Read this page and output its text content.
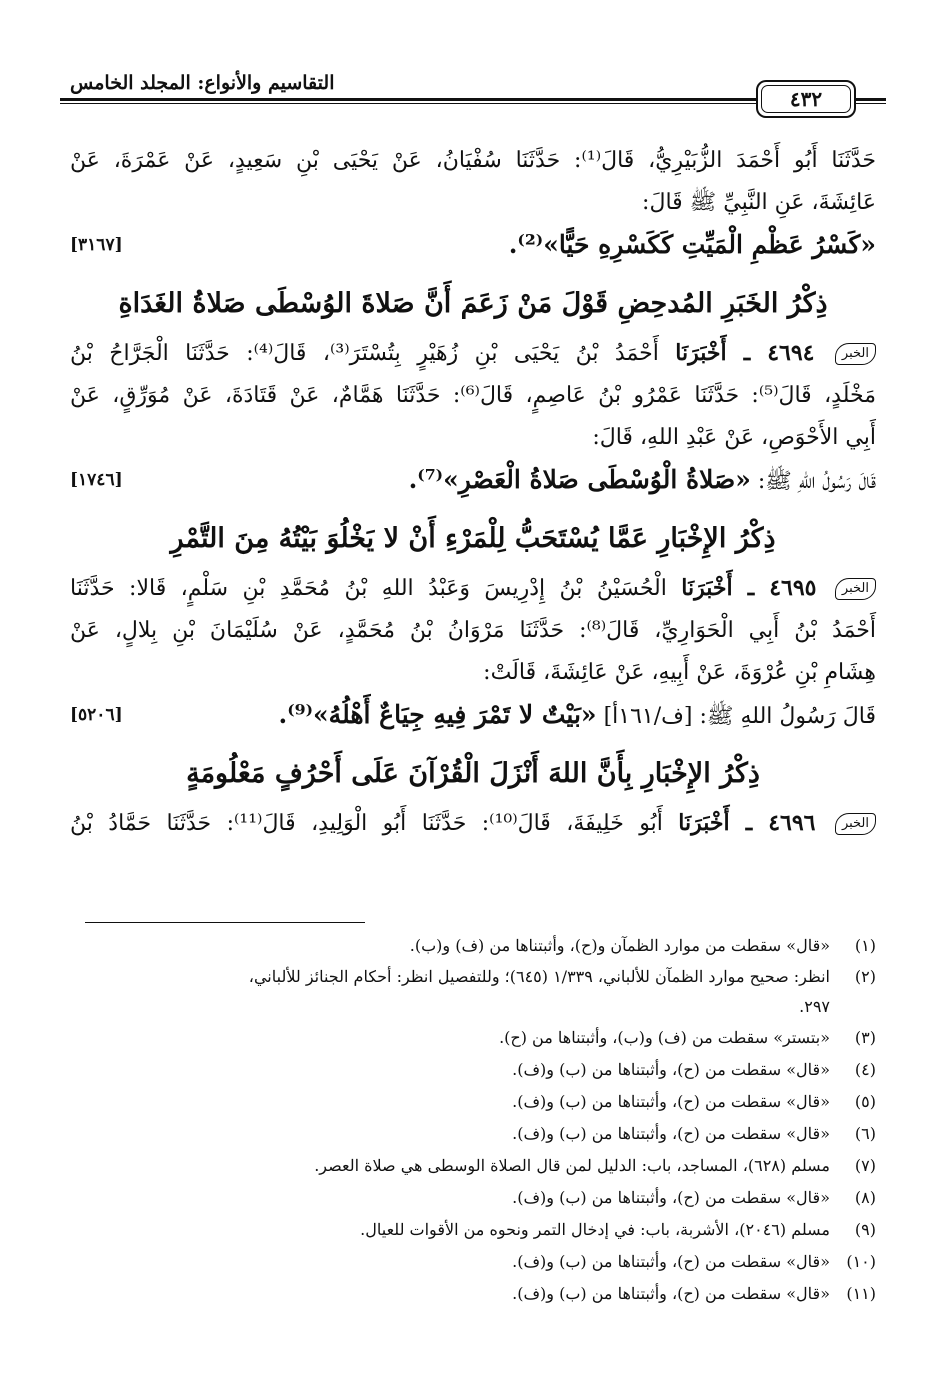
التقاسيم والأنواع: المجلد الخامس
٤٣٢
حَدَّثَنَا أَبُو أَحْمَدَ الزُّبَيْرِيُّ، قَالَ⁽¹⁾: حَدَّثَنَا سُفْيَانُ، عَنْ يَحْيَى بْنِ سَعِيدٍ، عَنْ عَمْرَةَ، عَنْ
عَائِشَةَ، عَنِ النَّبِيِّ ﷺ قَالَ:
«كَسْرُ عَظْمِ الْمَيِّتِ كَكَسْرِهِ حَيًّا»⁽²⁾.
[٣١٦٧]
ذِكْرُ الخَبَرِ المُدحِضِ قَوْلَ مَنْ زَعَمَ أَنَّ صَلاةَ الوُسْطَى صَلاةُ الغَدَاةِ
الخبر ٤٦٩٤ ـ أَخْبَرَنَا أَحْمَدُ بْنُ يَحْيَى بْنِ زُهَيْرٍ بِتُسْتَرَ⁽³⁾، قَالَ⁽⁴⁾: حَدَّثَنَا الْجَرَّاحُ بْنُ
مَخْلَدٍ، قَالَ⁽⁵⁾: حَدَّثَنَا عَمْرُو بْنُ عَاصِمٍ، قَالَ⁽⁶⁾: حَدَّثَنَا هَمَّامٌ، عَنْ قَتَادَةَ، عَنْ مُوَرِّقٍ، عَنْ
أَبِي الأَحْوَصِ، عَنْ عَبْدِ اللهِ، قَالَ:
قَالَ رَسُولُ اللهِ ﷺ: «صَلاةُ الْوُسْطَى صَلاةُ الْعَصْرِ»⁽⁷⁾.
[١٧٤٦]
ذِكْرُ الإِخْبَارِ عَمَّا يُسْتَحَبُّ لِلْمَرْءِ أَنْ لا يَخْلُوَ بَيْتُهُ مِنَ التَّمْرِ
الخبر ٤٦٩٥ ـ أَخْبَرَنَا الْحُسَيْنُ بْنُ إِدْرِيسَ وَعَبْدُ اللهِ بْنُ مُحَمَّدِ بْنِ سَلْمٍ، قَالا: حَدَّثَنَا
أَحْمَدُ بْنُ أَبِي الْحَوَارِيِّ، قَالَ⁽⁸⁾: حَدَّثَنَا مَرْوَانُ بْنُ مُحَمَّدٍ، عَنْ سُلَيْمَانَ بْنِ بِلالٍ، عَنْ
هِشَامِ بْنِ عُرْوَةَ، عَنْ أَبِيهِ، عَنْ عَائِشَةَ، قَالَتْ:
قَالَ رَسُولُ اللهِ ﷺ: [ف/١٦١أ] «بَيْتٌ لا تَمْرَ فِيهِ جِيَاعٌ أَهْلُهُ»⁽⁹⁾.
[٥٢٠٦]
ذِكْرُ الإِخْبَارِ بِأَنَّ اللهَ أَنْزَلَ الْقُرْآنَ عَلَى أَحْرُفٍ مَعْلُومَةٍ
الخبر ٤٦٩٦ ـ أَخْبَرَنَا أَبُو خَلِيفَةَ، قَالَ⁽¹⁰⁾: حَدَّثَنَا أَبُو الْوَلِيدِ، قَالَ⁽¹¹⁾: حَدَّثَنَا حَمَّادُ بْنُ
(١)
«قال» سقطت من موارد الظمآن و(ح)، وأثبتناها من (ف) و(ب).
(٢)
انظر: صحيح موارد الظمآن للألباني، ١/٣٣٩ (٦٤٥)؛ وللتفصيل انظر: أحكام الجنائز للألباني،
٢٩٧.
(٣)
«بتستر» سقطت من (ف) و(ب)، وأثبتناها من (ح).
(٤)
«قال» سقطت من (ح)، وأثبتناها من (ب) و(ف).
(٥)
«قال» سقطت من (ح)، وأثبتناها من (ب) و(ف).
(٦)
«قال» سقطت من (ح)، وأثبتناها من (ب) و(ف).
(٧)
مسلم (٦٢٨)، المساجد، باب: الدليل لمن قال الصلاة الوسطى هي صلاة العصر.
(٨)
«قال» سقطت من (ح)، وأثبتناها من (ب) و(ف).
(٩)
مسلم (٢٠٤٦)، الأشربة، باب: في إدخال التمر ونحوه من الأقوات للعيال.
(١٠)
«قال» سقطت من (ح)، وأثبتناها من (ب) و(ف).
(١١)
«قال» سقطت من (ح)، وأثبتناها من (ب) و(ف).
